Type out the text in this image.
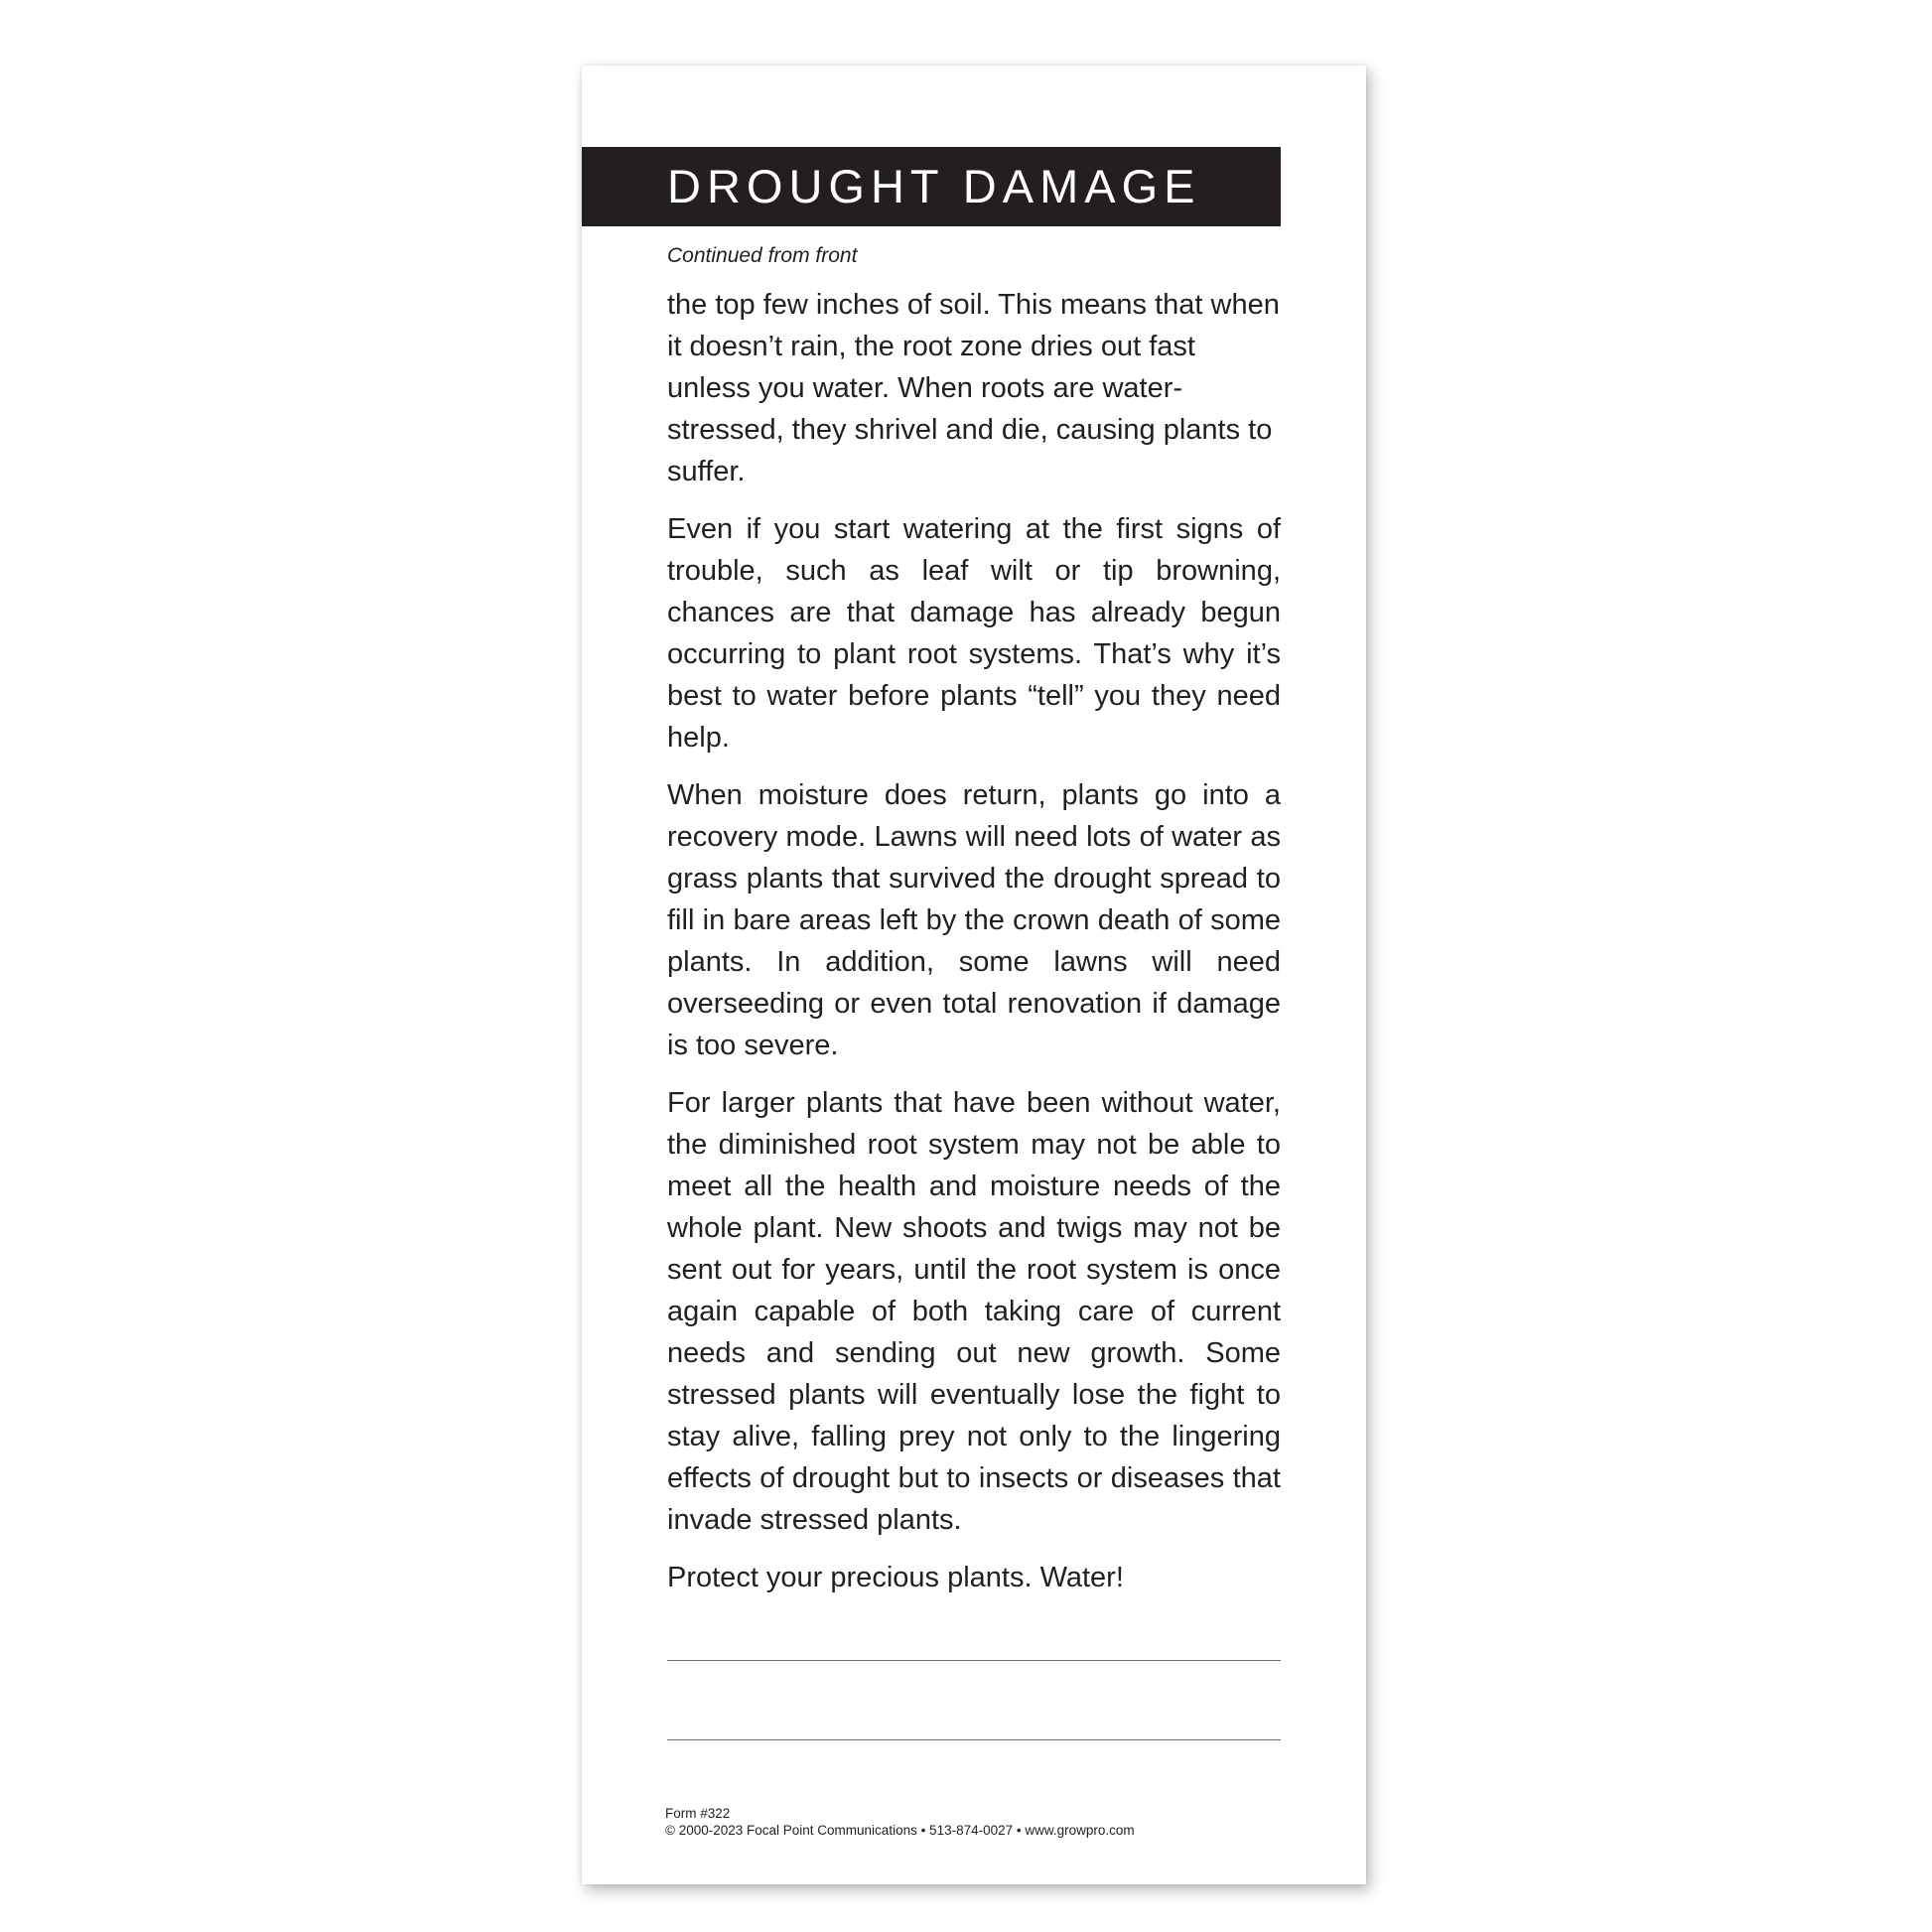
DROUGHT DAMAGE
Continued from front

the top few inches of soil. This means that when it doesn’t rain, the root zone dries out fast unless you water. When roots are water-stressed, they shrivel and die, causing plants to suffer.

Even if you start watering at the first signs of trouble, such as leaf wilt or tip browning, chances are that damage has already begun occurring to plant root systems. That’s why it’s best to water before plants “tell” you they need help.

When moisture does return, plants go into a recovery mode. Lawns will need lots of water as grass plants that survived the drought spread to fill in bare areas left by the crown death of some plants. In addition, some lawns will need overseeding or even total renovation if damage is too severe.

For larger plants that have been without water, the diminished root system may not be able to meet all the health and moisture needs of the whole plant. New shoots and twigs may not be sent out for years, until the root system is once again capable of both taking care of current needs and sending out new growth. Some stressed plants will eventually lose the fight to stay alive, falling prey not only to the lingering effects of drought but to insects or diseases that invade stressed plants.

Protect your precious plants. Water!

Form #322
© 2000-2023 Focal Point Communications • 513-874-0027 • www.growpro.com
